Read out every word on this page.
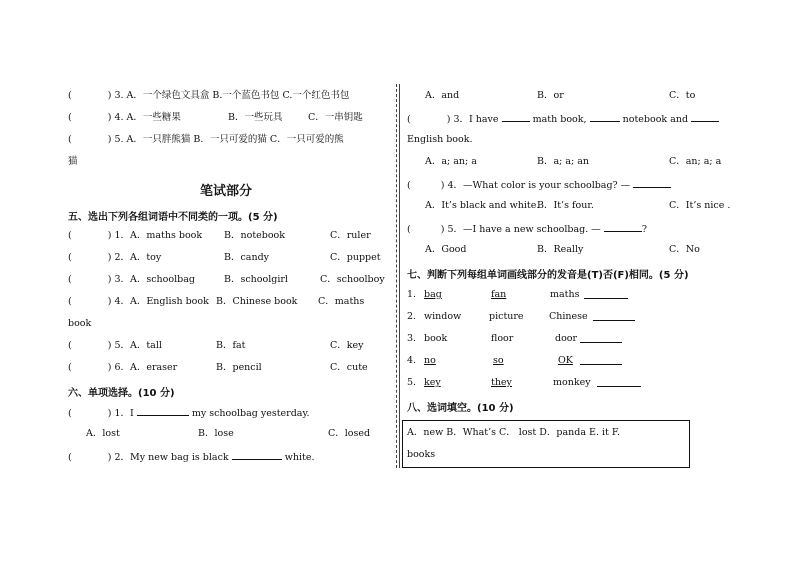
(	) 3. A．一个绿色文具盒 B.一个蓝色书包 C.一个红色书包
(	) 4. A．一些糖果	B．一些玩具	C．一串钥匙
(	) 5. A．一只胖熊猫 B．一只可爱的猫 C．一只可爱的熊
猫
笔试部分
五、选出下列各组词语中不同类的一项。(5 分)
(	) 1．A．maths book B．notebook	C．ruler
(	) 2．A．toy	B．candy	C．puppet
(	) 3．A．schoolbag	B．schoolgirl	C．schoolboy
(	) 4．A．English book B．Chinese book C．maths
book
(	) 5．A．tall	B．fat	C．key
(	) 6．A．eraser	B．pencil	C．cute
六、单项选择。(10 分)
(	) 1．I	my schoolbag yesterday.
A．lost	B．lose	C．losed
(	) 2．My new bag is black	white.
A．and	B．or	C．to
(	) 3．I have	math book,	notebook and
English book.
A．a; an; a	B．a; a; an	C．an; a; a
(	) 4．—What color is your schoolbag? —
A．It’s black and white.
B．It’s four.	C．It’s nice .
(	) 5．—I have a new schoolbag. —	?
A．Good	B．Really	C．No
七、判断下列每组单词画线部分的发音是(T)否(F)相同。(5 分)
1. bag	fan	maths
2. window	picture	Chinese
3. book	floor	door
4. no	so	OK
5. key	they	monkey
八、选词填空。(10 分)
A．new B．What’s C． lost D．panda E. it F.
books
